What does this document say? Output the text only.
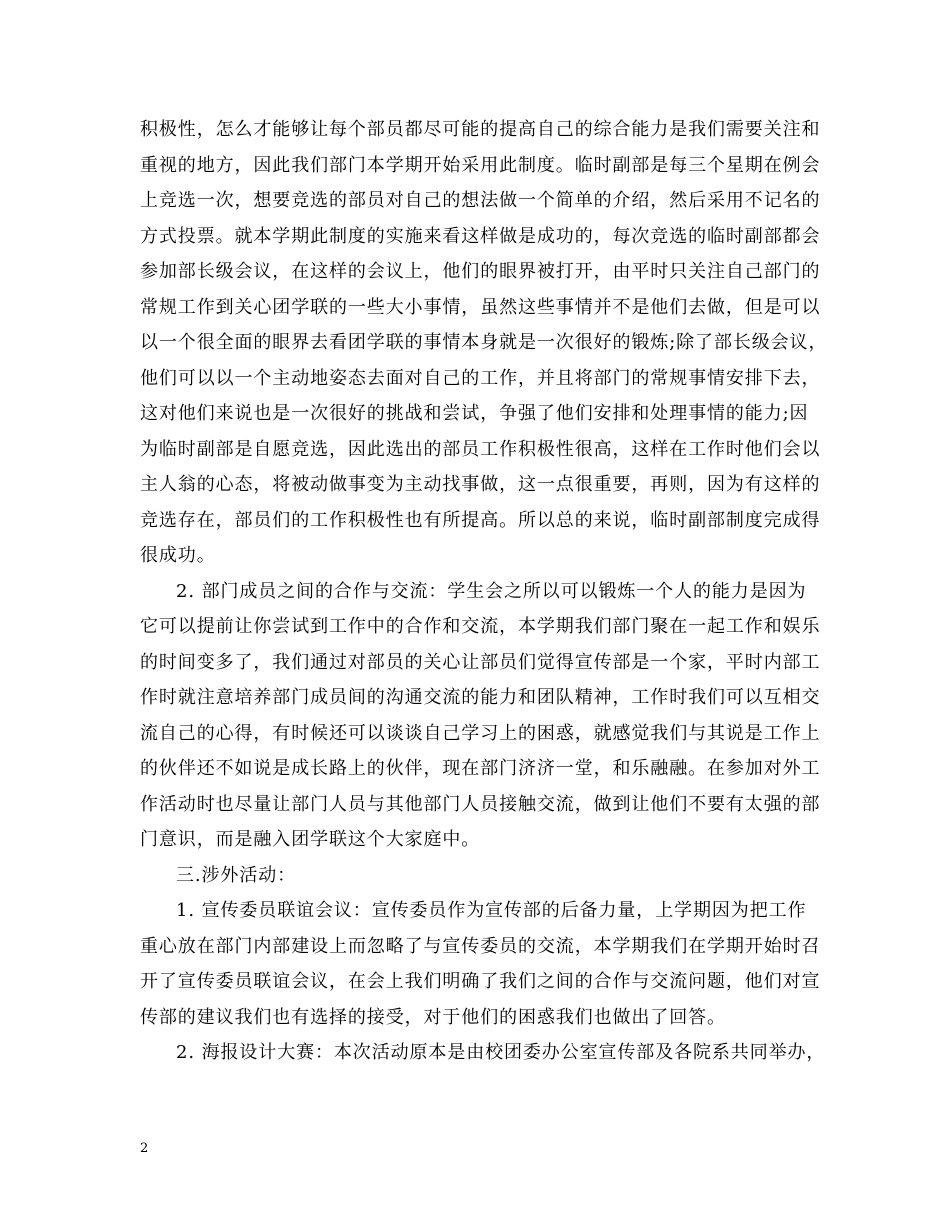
积极性，怎么才能够让每个部员都尽可能的提高自己的综合能力是我们需要关注和
重视的地方，因此我们部门本学期开始采用此制度。临时副部是每三个星期在例会
上竞选一次，想要竞选的部员对自己的想法做一个简单的介绍，然后采用不记名的
方式投票。就本学期此制度的实施来看这样做是成功的，每次竞选的临时副部都会
参加部长级会议，在这样的会议上，他们的眼界被打开，由平时只关注自己部门的
常规工作到关心团学联的一些大小事情，虽然这些事情并不是他们去做，但是可以
以一个很全面的眼界去看团学联的事情本身就是一次很好的锻炼;除了部长级会议，
他们可以以一个主动地姿态去面对自己的工作，并且将部门的常规事情安排下去，
这对他们来说也是一次很好的挑战和尝试，争强了他们安排和处理事情的能力;因
为临时副部是自愿竞选，因此选出的部员工作积极性很高，这样在工作时他们会以
主人翁的心态，将被动做事变为主动找事做，这一点很重要，再则，因为有这样的
竞选存在，部员们的工作积极性也有所提高。所以总的来说，临时副部制度完成得
很成功。
2. 部门成员之间的合作与交流：学生会之所以可以锻炼一个人的能力是因为
它可以提前让你尝试到工作中的合作和交流，本学期我们部门聚在一起工作和娱乐
的时间变多了，我们通过对部员的关心让部员们觉得宣传部是一个家，平时内部工
作时就注意培养部门成员间的沟通交流的能力和团队精神，工作时我们可以互相交
流自己的心得，有时候还可以谈谈自己学习上的困惑，就感觉我们与其说是工作上
的伙伴还不如说是成长路上的伙伴，现在部门济济一堂，和乐融融。在参加对外工
作活动时也尽量让部门人员与其他部门人员接触交流，做到让他们不要有太强的部
门意识，而是融入团学联这个大家庭中。
三.涉外活动：
1. 宣传委员联谊会议：宣传委员作为宣传部的后备力量，上学期因为把工作
重心放在部门内部建设上而忽略了与宣传委员的交流，本学期我们在学期开始时召
开了宣传委员联谊会议，在会上我们明确了我们之间的合作与交流问题，他们对宣
传部的建议我们也有选择的接受，对于他们的困惑我们也做出了回答。
2. 海报设计大赛：本次活动原本是由校团委办公室宣传部及各院系共同举办，
2
